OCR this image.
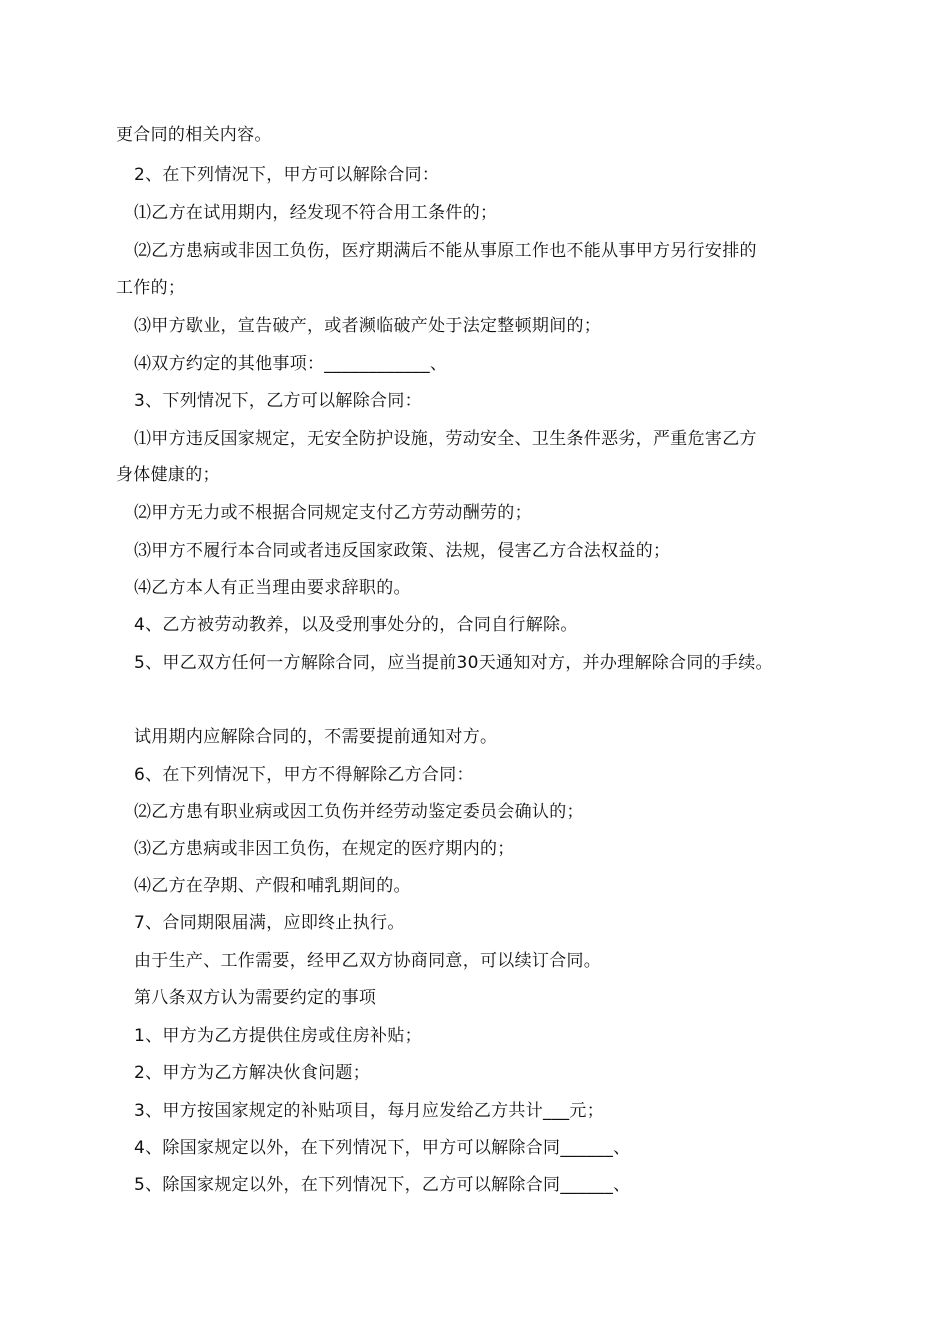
更合同的相关内容。
2、在下列情况下，甲方可以解除合同：
⑴乙方在试用期内，经发现不符合用工条件的；
⑵乙方患病或非因工负伤，医疗期满后不能从事原工作也不能从事甲方另行安排的
工作的；
⑶甲方歇业，宣告破产，或者濒临破产处于法定整顿期间的；
⑷双方约定的其他事项：____________、
3、下列情况下，乙方可以解除合同：
⑴甲方违反国家规定，无安全防护设施，劳动安全、卫生条件恶劣，严重危害乙方
身体健康的；
⑵甲方无力或不根据合同规定支付乙方劳动酬劳的；
⑶甲方不履行本合同或者违反国家政策、法规，侵害乙方合法权益的；
⑷乙方本人有正当理由要求辞职的。
4、乙方被劳动教养，以及受刑事处分的，合同自行解除。
5、甲乙双方任何一方解除合同，应当提前30天通知对方，并办理解除合同的手续。
试用期内应解除合同的，不需要提前通知对方。
6、在下列情况下，甲方不得解除乙方合同：
⑵乙方患有职业病或因工负伤并经劳动鉴定委员会确认的；
⑶乙方患病或非因工负伤，在规定的医疗期内的；
⑷乙方在孕期、产假和哺乳期间的。
7、合同期限届满，应即终止执行。
由于生产、工作需要，经甲乙双方协商同意，可以续订合同。
第八条双方认为需要约定的事项
1、甲方为乙方提供住房或住房补贴；
2、甲方为乙方解决伙食问题；
3、甲方按国家规定的补贴项目，每月应发给乙方共计___元；
4、除国家规定以外，在下列情况下，甲方可以解除合同______、
5、除国家规定以外，在下列情况下，乙方可以解除合同______、
